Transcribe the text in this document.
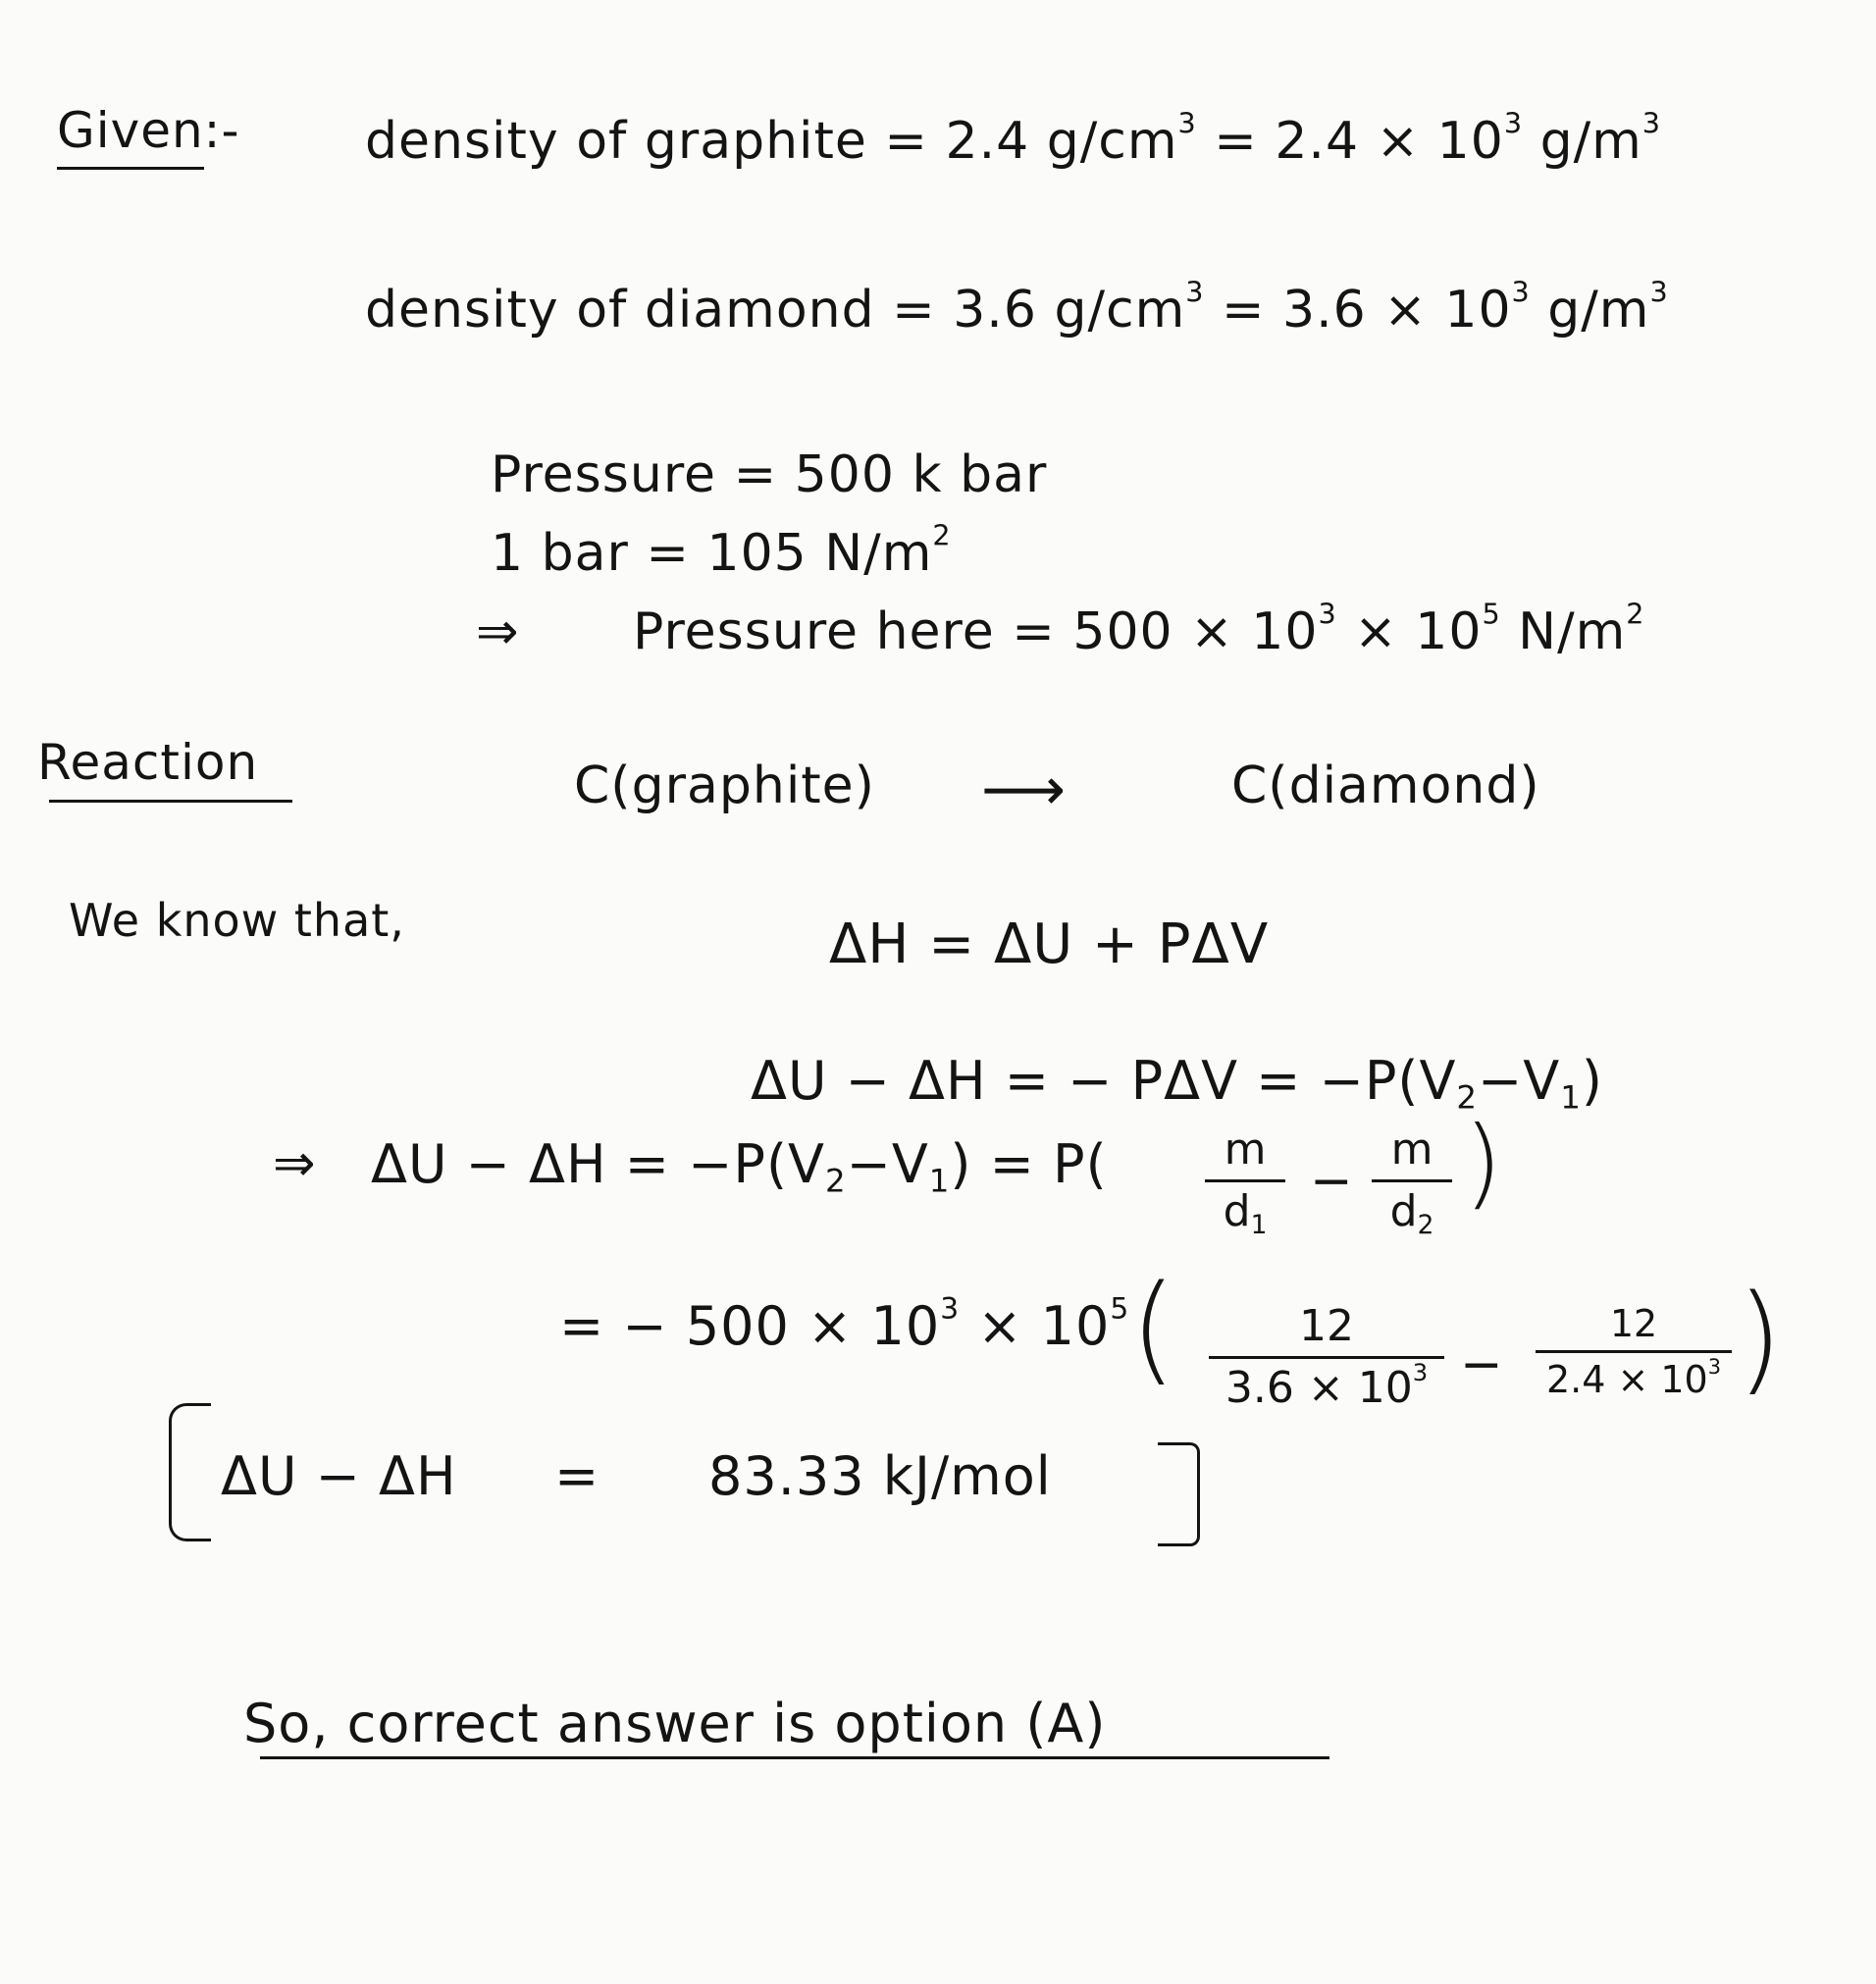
Given:- density of graphite = 2.4 $g/cm^3 = 2.4 \times 10^3$ $g/m^3$
density of diamond = 3.6 $g/cm^3 = 3.6 \times 10^3$ $g/m^3$
Pressure = 500 k bar
1 bar = 105 $N/m^2$
⇒ Pressure here = $500 \times 10^3 \times 10^5$ $N/m^2$
Reaction	C(graphite) ⟶	C(diamond)
We know that,	ΔH = ΔU + PΔV
ΔU − ΔH = − $P\Delta V = -P(V_2-V_1)$
⇒ $\Delta U - \Delta H = -P(V_2-V_1) = P$(	m
$d_1$
−
m
$d_2$
)
= − $500 \times 10^3 \times 10^5$ (	12
$3.6 \times 10^3$ −
12
$2.4 \times 10^3$ )
ΔU − ΔH = 83.33 kJ/mol
So, correct answer is option (A)
